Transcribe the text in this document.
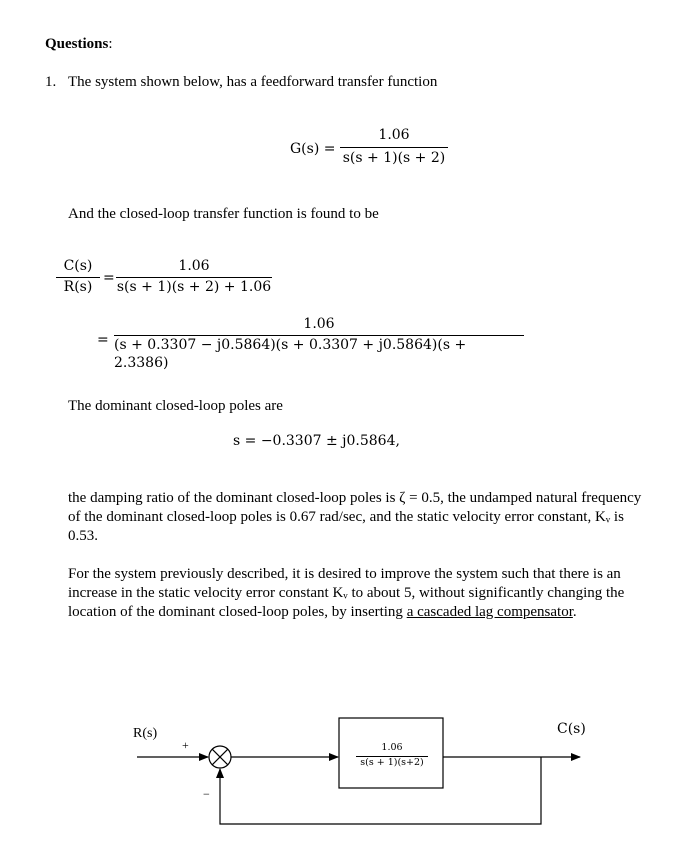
Questions:
1. The system shown below, has a feedforward transfer function
G(s) =
1.06
s(s + 1)(s + 2)
And the closed-loop transfer function is found to be
C(s)
R(s)
=
1.06
s(s + 1)(s + 2) + 1.06
=
1.06
(s + 0.3307 − j0.5864)(s + 0.3307 + j0.5864)(s + 2.3386)
The dominant closed-loop poles are
s = −0.3307 ± j0.5864,
the damping ratio of the dominant closed-loop poles is ζ = 0.5, the undamped natural frequency of the dominant closed-loop poles is 0.67 rad/sec, and the static velocity error constant, Kᵥ is 0.53.
For the system previously described, it is desired to improve the system such that there is an increase in the static velocity error constant Kᵥ to about 5, without significantly changing the location of the dominant closed-loop poles, by inserting a cascaded lag compensator.
R(s)	C(s)
+
−
1.06
s(s + 1)(s+2)
